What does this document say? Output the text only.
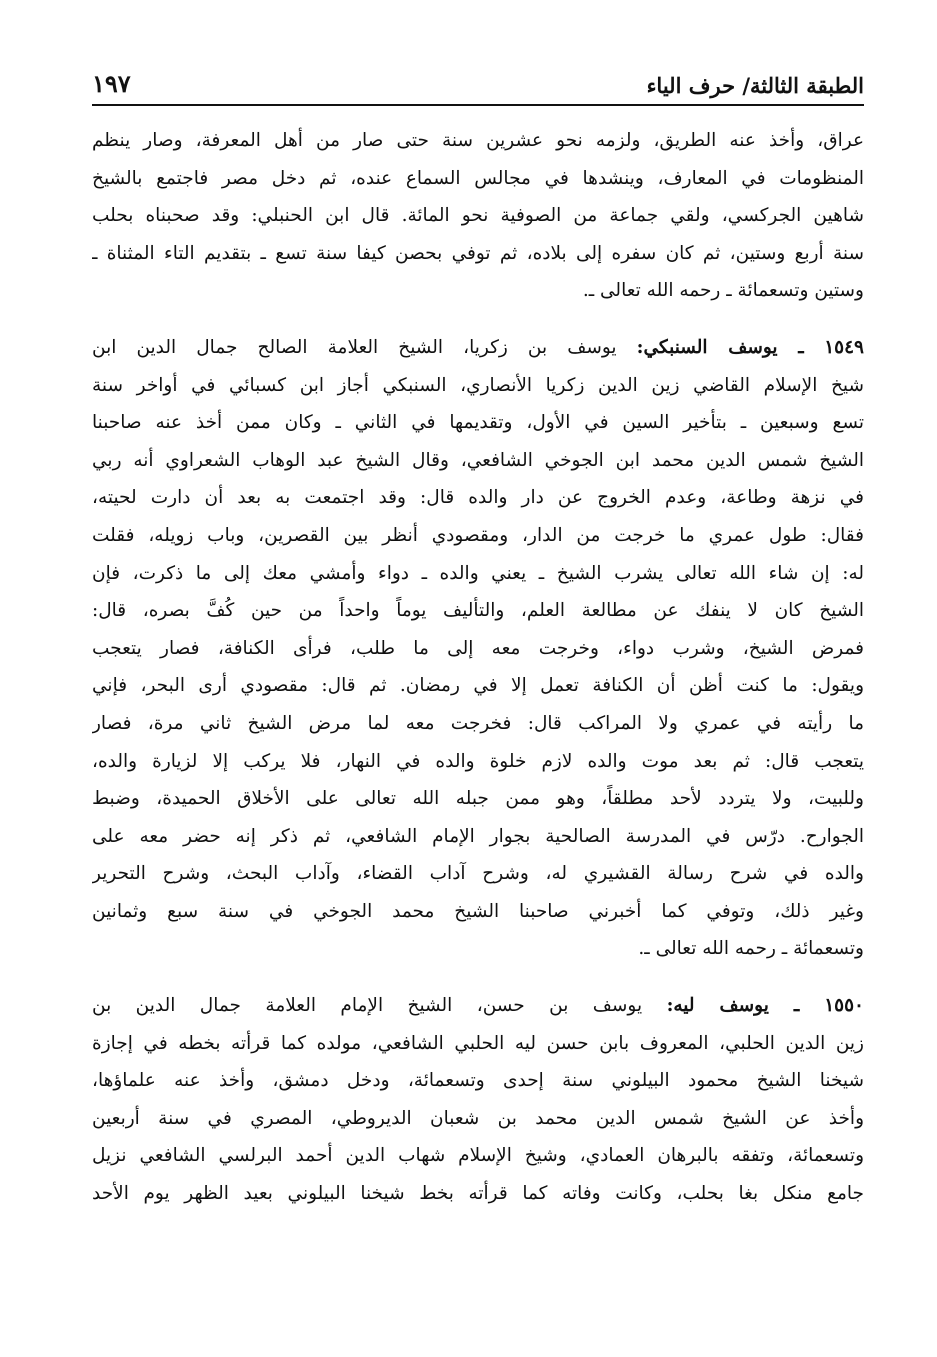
الطبقة الثالثة/ حرف الياء
١٩٧
عراق، وأخذ عنه الطريق، ولزمه نحو عشرين سنة حتى صار من أهل المعرفة، وصار ينظم
المنظومات في المعارف، وينشدها في مجالس السماع عنده، ثم دخل مصر فاجتمع بالشيخ
شاهين الجركسي، ولقي جماعة من الصوفية نحو المائة. قال ابن الحنبلي: وقد صحبناه بحلب
سنة أربع وستين، ثم كان سفره إلى بلاده، ثم توفي بحصن كيفا سنة تسع ـ بتقديم التاء المثناة ـ
وستين وتسعمائة ـ رحمه الله تعالى ـ.
١٥٤٩ ـ يوسف السنبكي: يوسف بن زكريا، الشيخ العلامة الصالح جمال الدين ابن
شيخ الإسلام القاضي زين الدين زكريا الأنصاري، السنبكي أجاز ابن كسبائي في أواخر سنة
تسع وسبعين ـ بتأخير السين في الأول، وتقديمها في الثاني ـ وكان ممن أخذ عنه صاحبنا
الشيخ شمس الدين محمد ابن الجوخي الشافعي، وقال الشيخ عبد الوهاب الشعراوي أنه ربي
في نزهة وطاعة، وعدم الخروج عن دار والده قال: وقد اجتمعت به بعد أن دارت لحيته،
فقال: طول عمري ما خرجت من الدار، ومقصودي أنظر بين القصرين، وباب زويله، فقلت
له: إن شاء الله تعالى يشرب الشيخ ـ يعني والده ـ دواء وأمشي معك إلى ما ذكرت، فإن
الشيخ كان لا ينفك عن مطالعة العلم، والتأليف يوماً واحداً من حين كُفَّ بصره، قال:
فمرض الشيخ، وشرب دواء، وخرجت معه إلى ما طلب، فرأى الكنافة، فصار يتعجب
ويقول: ما كنت أظن أن الكنافة تعمل إلا في رمضان. ثم قال: مقصودي أرى البحر، فإني
ما رأيته في عمري ولا المراكب قال: فخرجت معه لما مرض الشيخ ثاني مرة، فصار
يتعجب قال: ثم بعد موت والده لازم خلوة والده في النهار، فلا يركب إلا لزيارة والده،
وللبيت، ولا يتردد لأحد مطلقاً، وهو ممن جبله الله تعالى على الأخلاق الحميدة، وضبط
الجوارح. درّس في المدرسة الصالحية بجوار الإمام الشافعي، ثم ذكر إنه حضر معه على
والده في شرح رسالة القشيري له، وشرح آداب القضاء، وآداب البحث، وشرح التحرير
وغير ذلك، وتوفي كما أخبرني صاحبنا الشيخ محمد الجوخي في سنة سبع وثمانين
وتسعمائة ـ رحمه الله تعالى ـ.
١٥٥٠ ـ يوسف ليه: يوسف بن حسن، الشيخ الإمام العلامة جمال الدين بن
زين الدين الحلبي، المعروف بابن حسن ليه الحلبي الشافعي، مولده كما قرأته بخطه في إجازة
شيخنا الشيخ محمود البيلوني سنة إحدى وتسعمائة، ودخل دمشق، وأخذ عنه علماؤها،
وأخذ عن الشيخ شمس الدين محمد بن شعبان الديروطي، المصري في سنة أربعين
وتسعمائة، وتفقه بالبرهان العمادي، وشيخ الإسلام شهاب الدين أحمد البرلسي الشافعي نزيل
جامع منكل بغا بحلب، وكانت وفاته كما قرأته بخط شيخنا البيلوني بعيد الظهر يوم الأحد
